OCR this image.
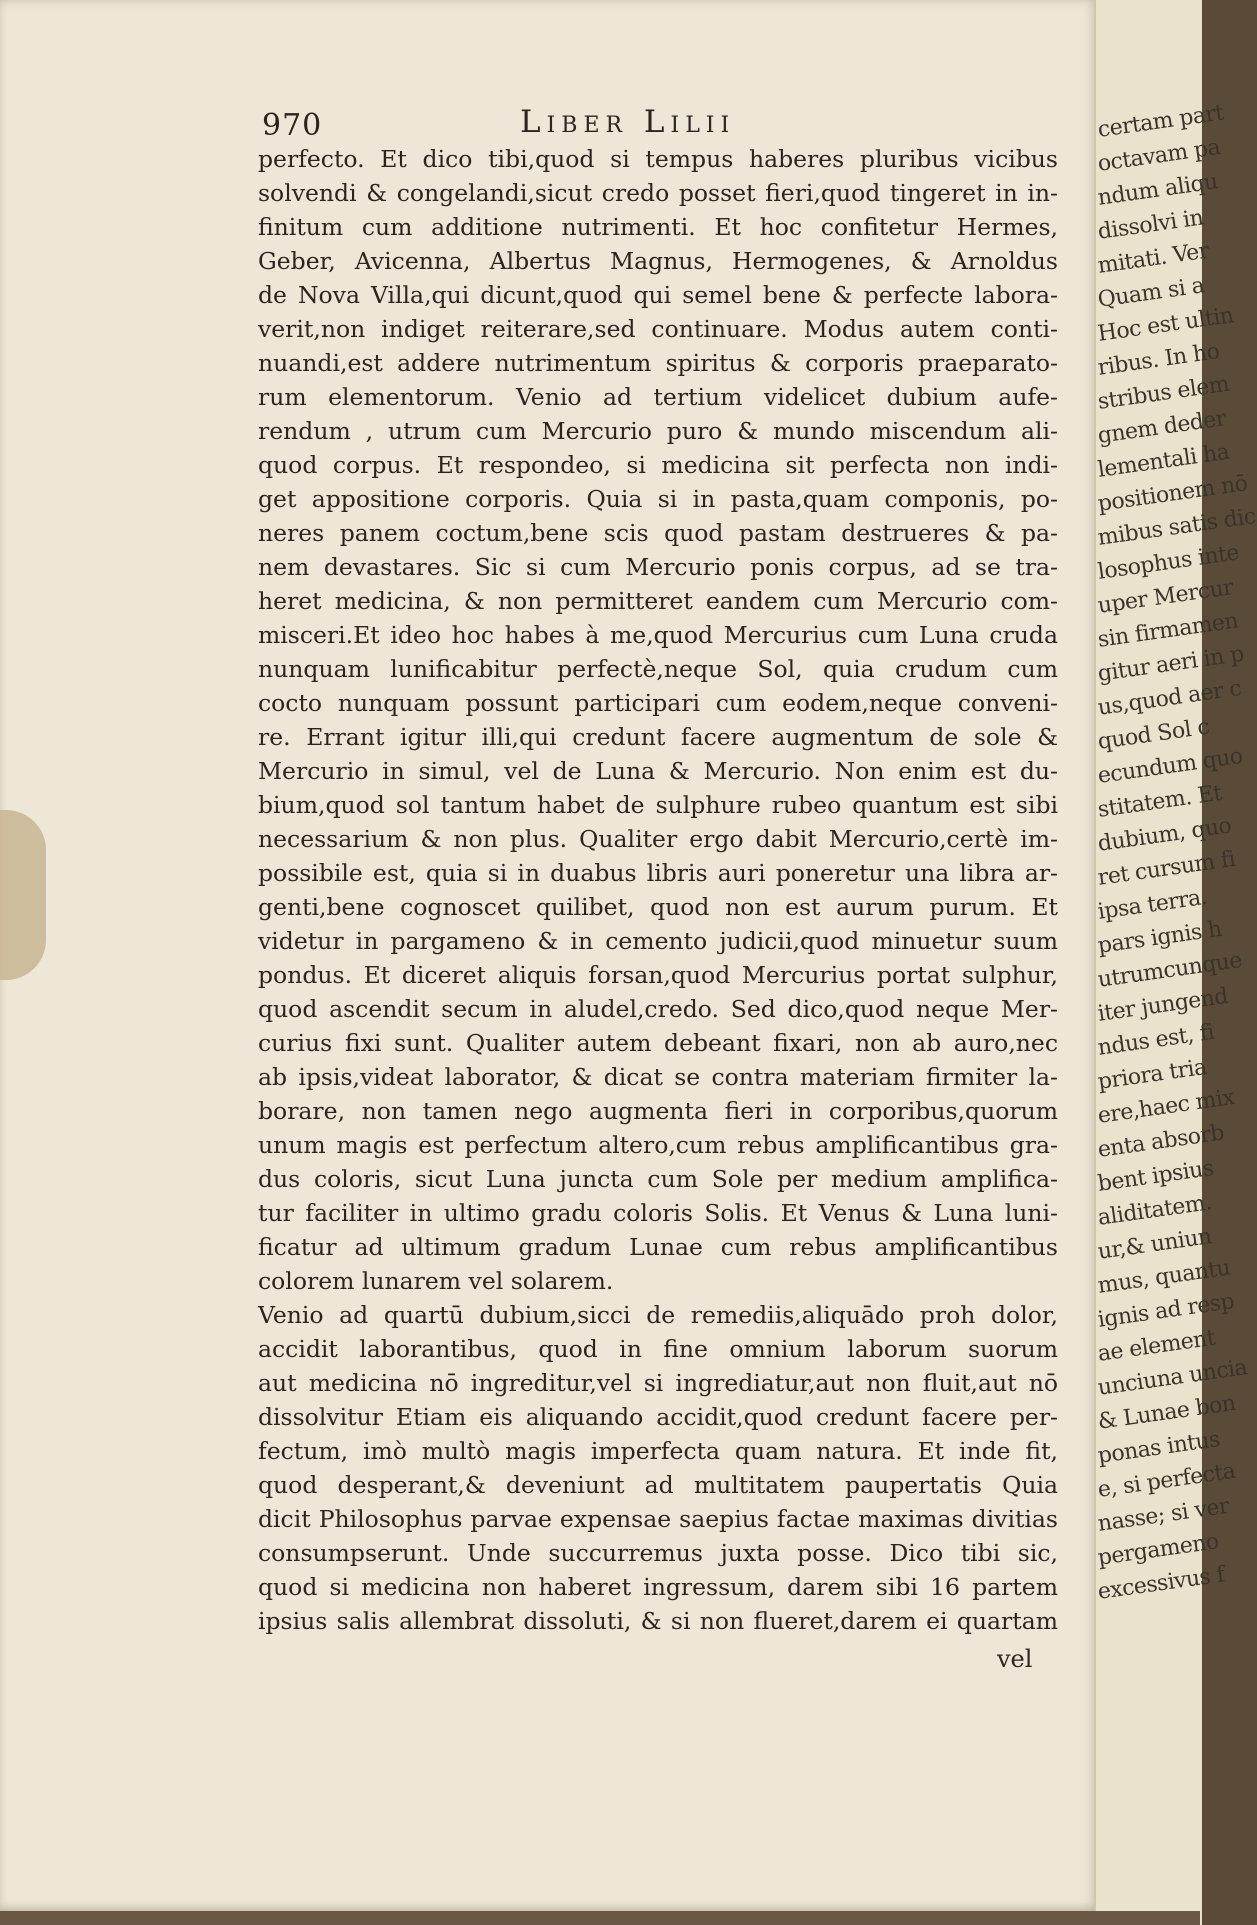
970	Liber Lilii
perfecto. Et dico tibi,quod si tempus haberes pluribus vicibus
solvendi & congelandi,sicut credo posset fieri,quod tingeret in in-
finitum cum additione nutrimenti. Et hoc confitetur Hermes,
Geber, Avicenna, Albertus Magnus, Hermogenes, & Arnoldus
de Nova Villa,qui dicunt,quod qui semel bene & perfecte labora-
verit,non indiget reiterare,sed continuare. Modus autem conti-
nuandi,est addere nutrimentum spiritus & corporis praeparato-
rum elementorum. Venio ad tertium videlicet dubium aufe-
rendum , utrum cum Mercurio puro & mundo miscendum ali-
quod corpus. Et respondeo, si medicina sit perfecta non indi-
get appositione corporis. Quia si in pasta,quam componis, po-
neres panem coctum,bene scis quod pastam destrueres & pa-
nem devastares. Sic si cum Mercurio ponis corpus, ad se tra-
heret medicina, & non permitteret eandem cum Mercurio com-
misceri.Et ideo hoc habes à me,quod Mercurius cum Luna cruda
nunquam lunificabitur perfectè,neque Sol, quia crudum cum
cocto nunquam possunt participari cum eodem,neque conveni-
re. Errant igitur illi,qui credunt facere augmentum de sole &
Mercurio in simul, vel de Luna & Mercurio. Non enim est du-
bium,quod sol tantum habet de sulphure rubeo quantum est sibi
necessarium & non plus. Qualiter ergo dabit Mercurio,certè im-
possibile est, quia si in duabus libris auri poneretur una libra ar-
genti,bene cognoscet quilibet, quod non est aurum purum. Et
videtur in pargameno & in cemento judicii,quod minuetur suum
pondus. Et diceret aliquis forsan,quod Mercurius portat sulphur,
quod ascendit secum in aludel,credo. Sed dico,quod neque Mer-
curius fixi sunt. Qualiter autem debeant fixari, non ab auro,nec
ab ipsis,videat laborator, & dicat se contra materiam firmiter la-
borare, non tamen nego augmenta fieri in corporibus,quorum
unum magis est perfectum altero,cum rebus amplificantibus gra-
dus coloris, sicut Luna juncta cum Sole per medium amplifica-
tur faciliter in ultimo gradu coloris Solis. Et Venus & Luna luni-
ficatur ad ultimum gradum Lunae cum rebus amplificantibus
colorem lunarem vel solarem.
Venio ad quartū dubium,sicci de remediis,aliquādo proh dolor,
accidit laborantibus, quod in fine omnium laborum suorum
aut medicina nō ingreditur,vel si ingrediatur,aut non fluit,aut nō
dissolvitur Etiam eis aliquando accidit,quod credunt facere per-
fectum, imò multò magis imperfecta quam natura. Et inde fit,
quod desperant,& deveniunt ad multitatem paupertatis Quia
dicit Philosophus parvae expensae saepius factae maximas divitias
consumpserunt. Unde succurremus juxta posse. Dico tibi sic,
quod si medicina non haberet ingressum, darem sibi 16 partem
ipsius salis allembrat dissoluti, & si non flueret,darem ei quartam
vel
certam part
octavam pa
ndum aliqu
dissolvi in
mitati. Ver
Quam si a
Hoc est ultin
ribus. In ho
stribus elem
gnem deder
lementali ha
positionem nō
mibus satis dic
losophus inte
uper Mercur
sin firmamen
gitur aeri in p
us,quod aer c
quod Sol c
ecundum quo
stitatem. Et
dubium, quo
ret cursum fi
ipsa terra.
pars ignis h
utrumcunque
iter jungend
ndus est, fi
priora tria
ere,haec mix
enta absorb
bent ipsius
aliditatem.
ur,& uniun
mus, quantu
ignis ad resp
ae element
unciuna uncia
& Lunae bon
ponas intus
e, si perfecta
nasse; si ver
pergameno
excessivus f
